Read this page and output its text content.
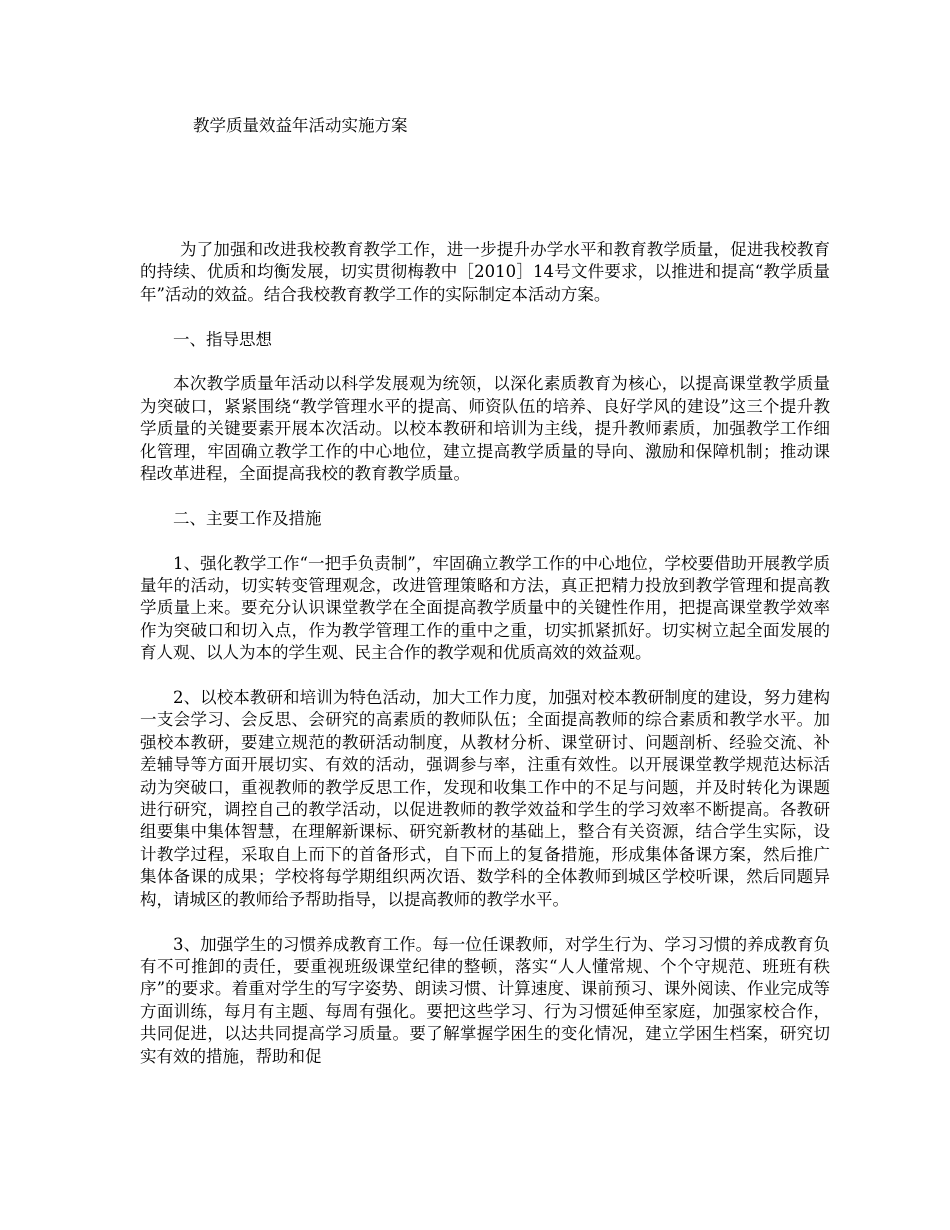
教学质量效益年活动实施方案

为了加强和改进我校教育教学工作，进一步提升办学水平和教育教学质量，促进我校教育的持续、优质和均衡发展，切实贯彻梅教中［2010］14号文件要求，以推进和提高“教学质量年”活动的效益。结合我校教育教学工作的实际制定本活动方案。

一、指导思想

本次教学质量年活动以科学发展观为统领，以深化素质教育为核心，以提高课堂教学质量为突破口，紧紧围绕“教学管理水平的提高、师资队伍的培养、良好学风的建设”这三个提升教学质量的关键要素开展本次活动。以校本教研和培训为主线，提升教师素质，加强教学工作细化管理，牢固确立教学工作的中心地位，建立提高教学质量的导向、激励和保障机制；推动课程改革进程，全面提高我校的教育教学质量。

二、主要工作及措施

1、强化教学工作“一把手负责制”，牢固确立教学工作的中心地位，学校要借助开展教学质量年的活动，切实转变管理观念，改进管理策略和方法，真正把精力投放到教学管理和提高教学质量上来。要充分认识课堂教学在全面提高教学质量中的关键性作用，把提高课堂教学效率作为突破口和切入点，作为教学管理工作的重中之重，切实抓紧抓好。切实树立起全面发展的育人观、以人为本的学生观、民主合作的教学观和优质高效的效益观。

2、以校本教研和培训为特色活动，加大工作力度，加强对校本教研制度的建设，努力建构一支会学习、会反思、会研究的高素质的教师队伍；全面提高教师的综合素质和教学水平。加强校本教研，要建立规范的教研活动制度，从教材分析、课堂研讨、问题剖析、经验交流、补差辅导等方面开展切实、有效的活动，强调参与率，注重有效性。以开展课堂教学规范达标活动为突破口，重视教师的教学反思工作，发现和收集工作中的不足与问题，并及时转化为课题进行研究，调控自己的教学活动，以促进教师的教学效益和学生的学习效率不断提高。各教研组要集中集体智慧，在理解新课标、研究新教材的基础上，整合有关资源，结合学生实际，设计教学过程，采取自上而下的首备形式，自下而上的复备措施，形成集体备课方案，然后推广集体备课的成果；学校将每学期组织两次语、数学科的全体教师到城区学校听课，然后同题异构，请城区的教师给予帮助指导，以提高教师的教学水平。

3、加强学生的习惯养成教育工作。每一位任课教师，对学生行为、学习习惯的养成教育负有不可推卸的责任，要重视班级课堂纪律的整顿，落实“人人懂常规、个个守规范、班班有秩序”的要求。着重对学生的写字姿势、朗读习惯、计算速度、课前预习、课外阅读、作业完成等方面训练，每月有主题、每周有强化。要把这些学习、行为习惯延伸至家庭，加强家校合作，共同促进，以达共同提高学习质量。要了解掌握学困生的变化情况，建立学困生档案，研究切实有效的措施，帮助和促
